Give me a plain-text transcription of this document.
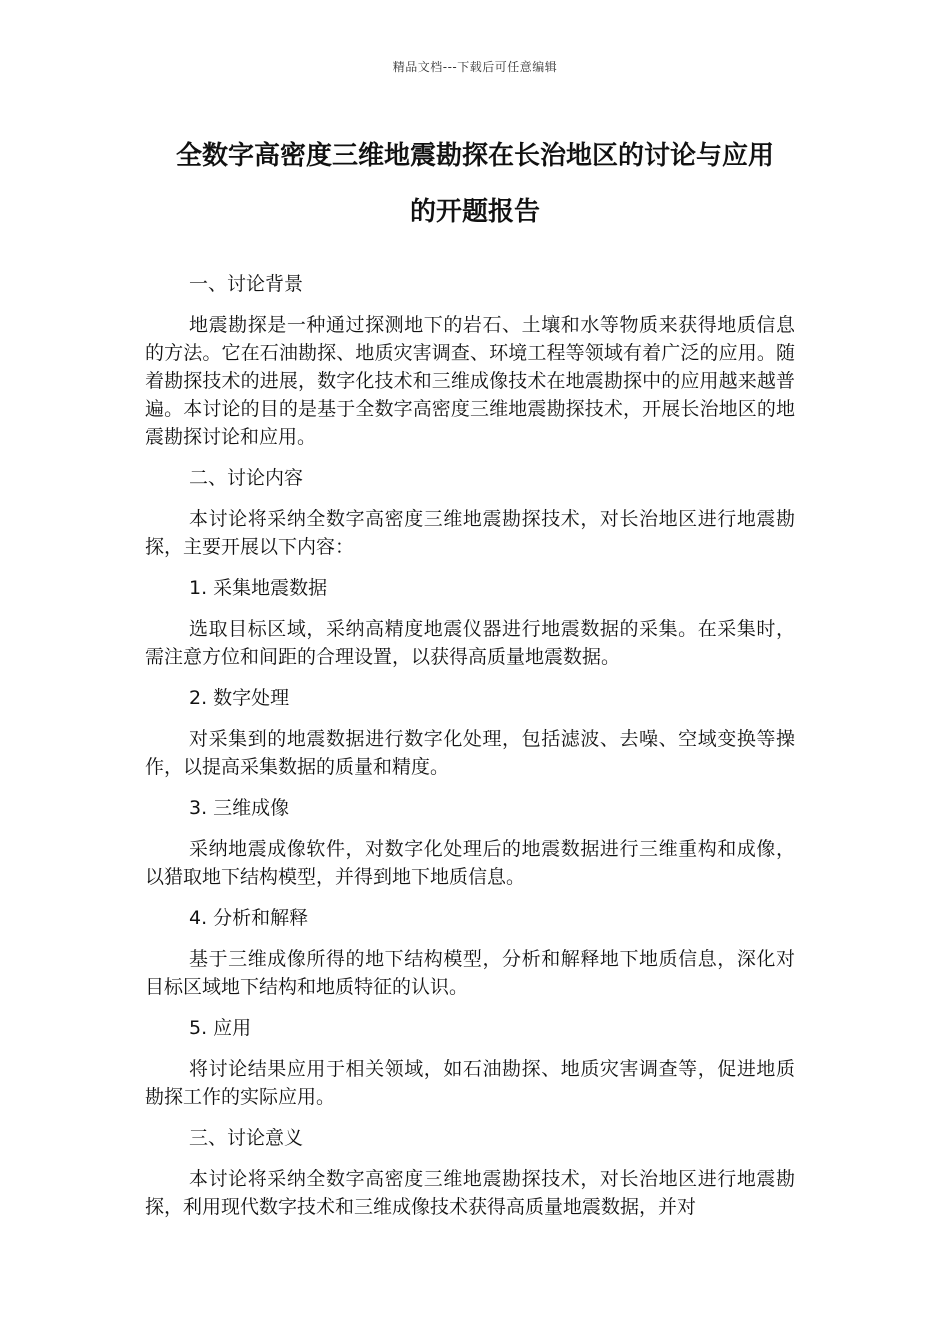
精品文档---下载后可任意编辑
全数字高密度三维地震勘探在长治地区的讨论与应用
的开题报告

一、讨论背景

地震勘探是一种通过探测地下的岩石、土壤和水等物质来获得地质信息的方法。它在石油勘探、地质灾害调查、环境工程等领域有着广泛的应用。随着勘探技术的进展，数字化技术和三维成像技术在地震勘探中的应用越来越普遍。本讨论的目的是基于全数字高密度三维地震勘探技术，开展长治地区的地震勘探讨论和应用。

二、讨论内容

本讨论将采纳全数字高密度三维地震勘探技术，对长治地区进行地震勘探，主要开展以下内容：

1. 采集地震数据

选取目标区域，采纳高精度地震仪器进行地震数据的采集。在采集时，需注意方位和间距的合理设置，以获得高质量地震数据。

2. 数字处理

对采集到的地震数据进行数字化处理，包括滤波、去噪、空域变换等操作，以提高采集数据的质量和精度。

3. 三维成像

采纳地震成像软件，对数字化处理后的地震数据进行三维重构和成像，以猎取地下结构模型，并得到地下地质信息。

4. 分析和解释

基于三维成像所得的地下结构模型，分析和解释地下地质信息，深化对目标区域地下结构和地质特征的认识。

5. 应用

将讨论结果应用于相关领域，如石油勘探、地质灾害调查等，促进地质勘探工作的实际应用。

三、讨论意义

本讨论将采纳全数字高密度三维地震勘探技术，对长治地区进行地震勘探，利用现代数字技术和三维成像技术获得高质量地震数据，并对
